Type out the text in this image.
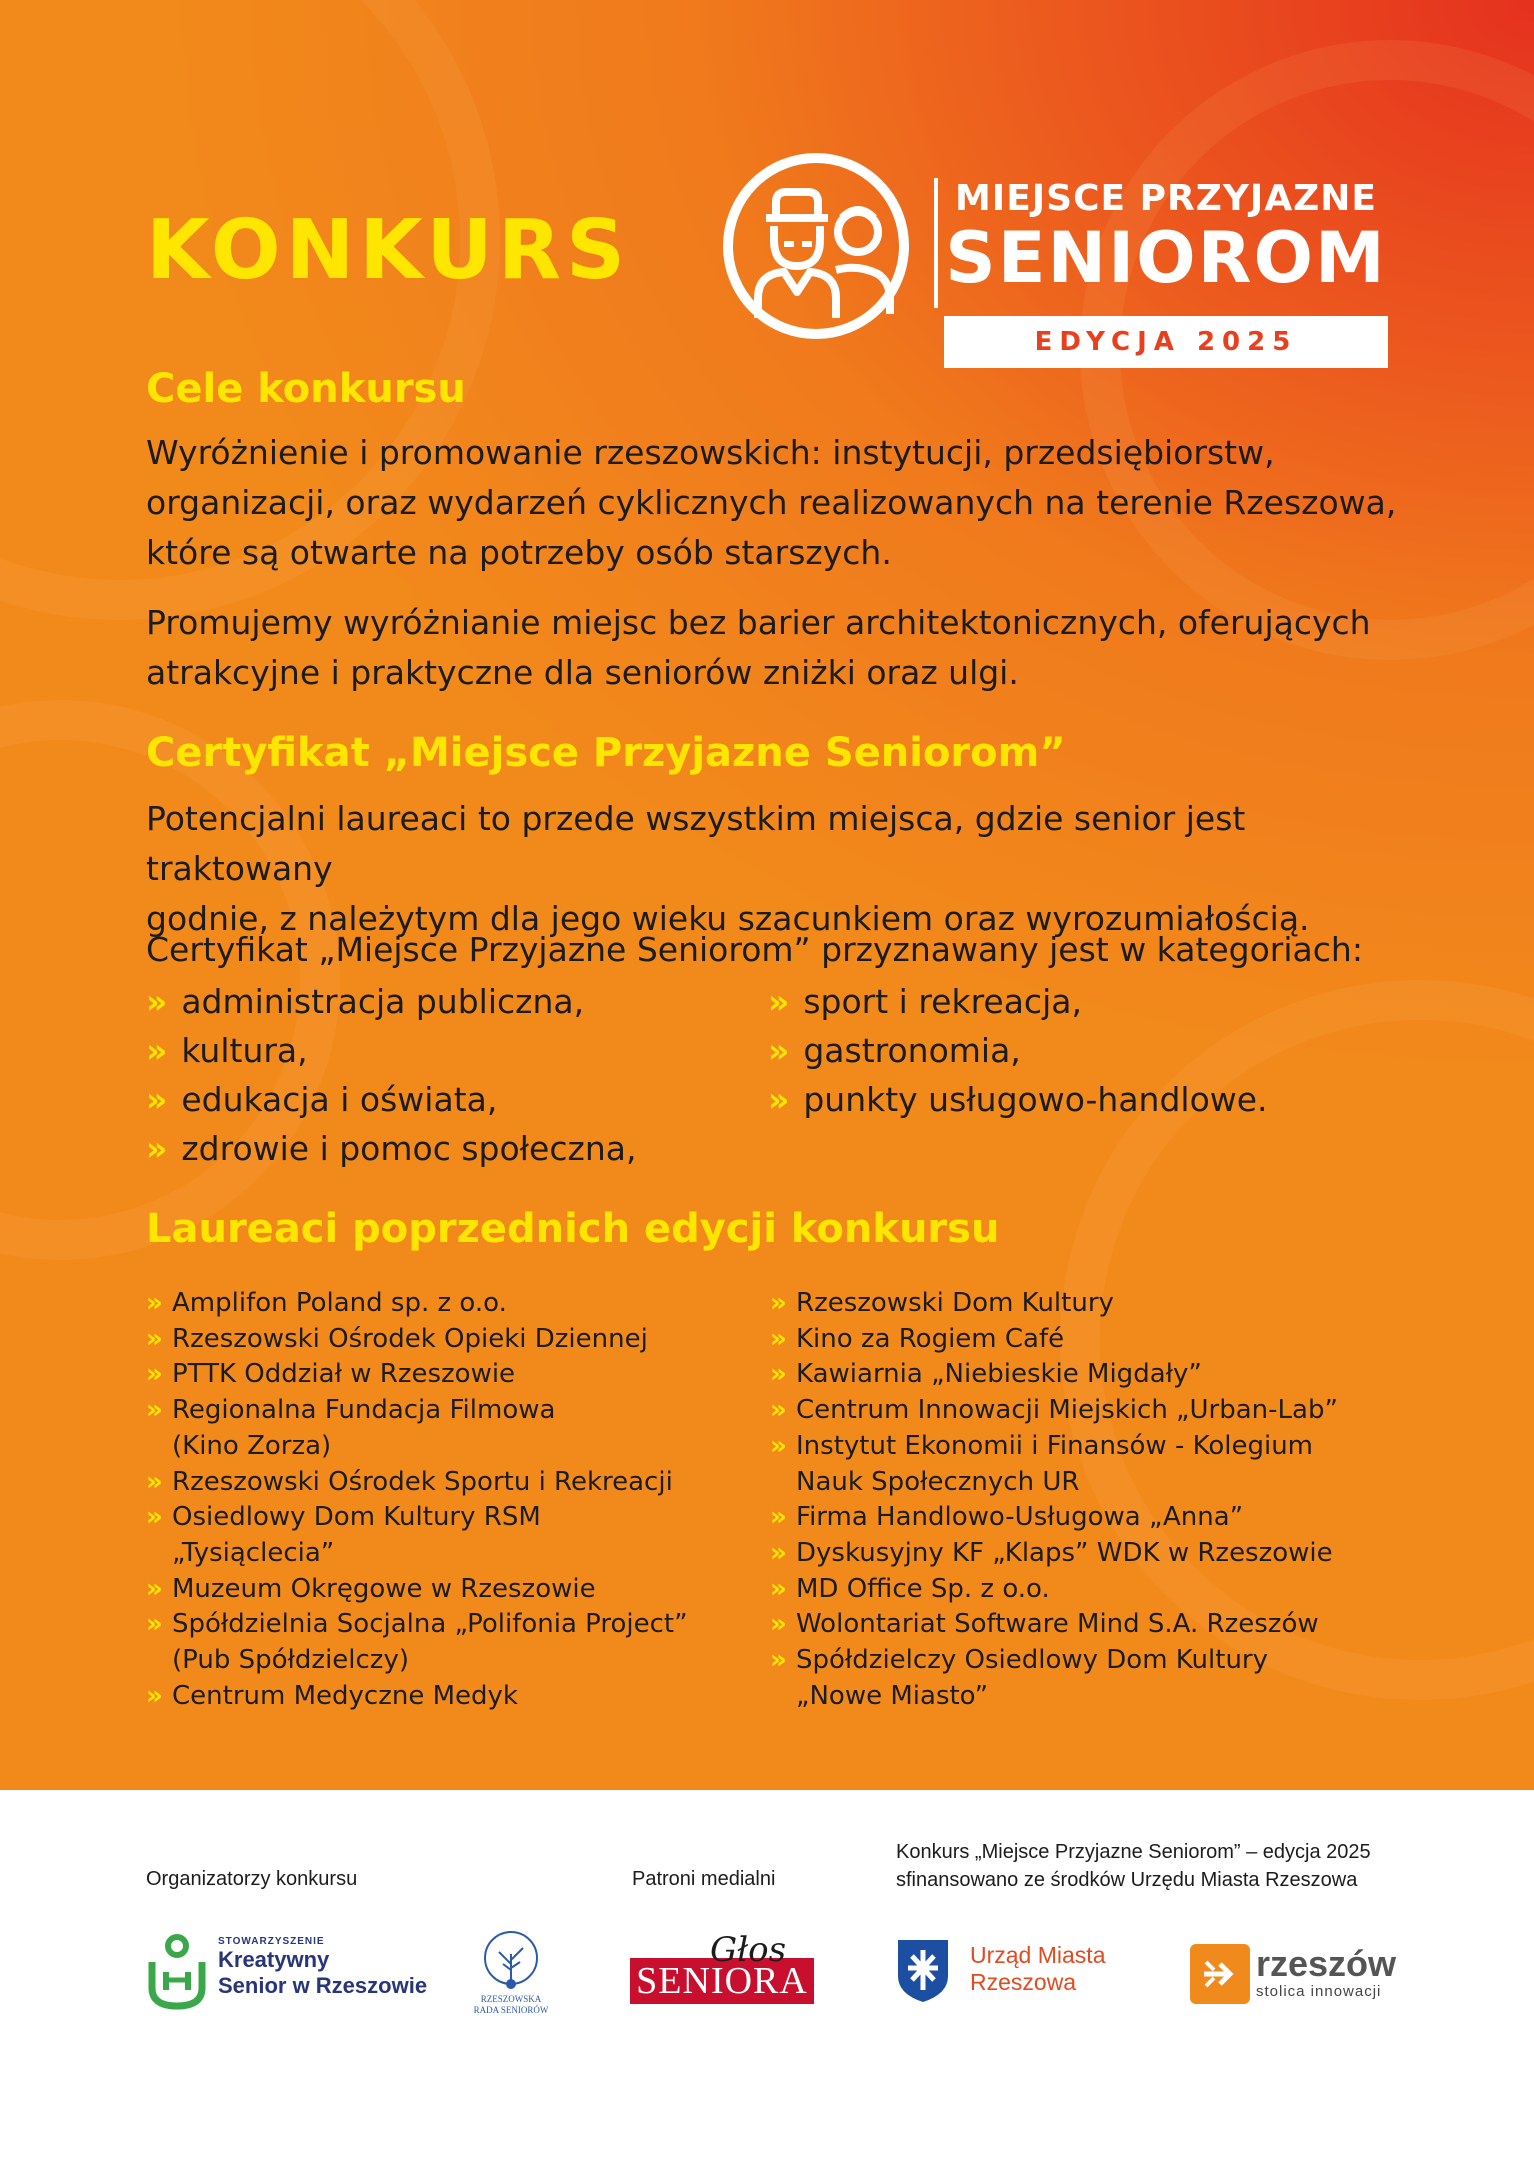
KONKURS
MIEJSCE PRZYJAZNE
SENIOROM
EDYCJA 2025
Cele konkursu
Wyróżnienie i promowanie rzeszowskich: instytucji, przedsiębiorstw,
organizacji, oraz wydarzeń cyklicznych realizowanych na terenie Rzeszowa,
które są otwarte na potrzeby osób starszych.
Promujemy wyróżnianie miejsc bez barier architektonicznych, oferujących
atrakcyjne i praktyczne dla seniorów zniżki oraz ulgi.
Certyfikat „Miejsce Przyjazne Seniorom”
Potencjalni laureaci to przede wszystkim miejsca, gdzie senior jest traktowany
godnie, z należytym dla jego wieku szacunkiem oraz wyrozumiałością.
Certyfikat „Miejsce Przyjazne Seniorom” przyznawany jest w kategoriach:
» administracja publiczna,
» kultura,
» edukacja i oświata,
» zdrowie i pomoc społeczna,
» sport i rekreacja,
» gastronomia,
» punkty usługowo-handlowe.
Laureaci poprzednich edycji konkursu
» Amplifon Poland sp. z o.o.
» Rzeszowski Ośrodek Opieki Dziennej
» PTTK Oddział w Rzeszowie
» Regionalna Fundacja Filmowa
(Kino Zorza)
» Rzeszowski Ośrodek Sportu i Rekreacji
» Osiedlowy Dom Kultury RSM
„Tysiąclecia”
» Muzeum Okręgowe w Rzeszowie
» Spółdzielnia Socjalna „Polifonia Project”
(Pub Spółdzielczy)
» Centrum Medyczne Medyk
» Rzeszowski Dom Kultury
» Kino za Rogiem Café
» Kawiarnia „Niebieskie Migdały”
» Centrum Innowacji Miejskich „Urban-Lab”
» Instytut Ekonomii i Finansów - Kolegium
Nauk Społecznych UR
» Firma Handlowo-Usługowa „Anna”
» Dyskusyjny KF „Klaps” WDK w Rzeszowie
» MD Office Sp. z o.o.
» Wolontariat Software Mind S.A. Rzeszów
» Spółdzielczy Osiedlowy Dom Kultury
„Nowe Miasto”
Organizatorzy konkursu	Patroni medialni
Konkurs „Miejsce Przyjazne Seniorom” – edycja 2025
sfinansowano ze środków Urzędu Miasta Rzeszowa
STOWARZYSZENIE
Kreatywny
Senior w Rzeszowie
RZESZOWSKA
RADA SENIORÓW
Głos
SENIORA
Urząd Miasta
Rzeszowa	rzeszów
stolica innowacji
